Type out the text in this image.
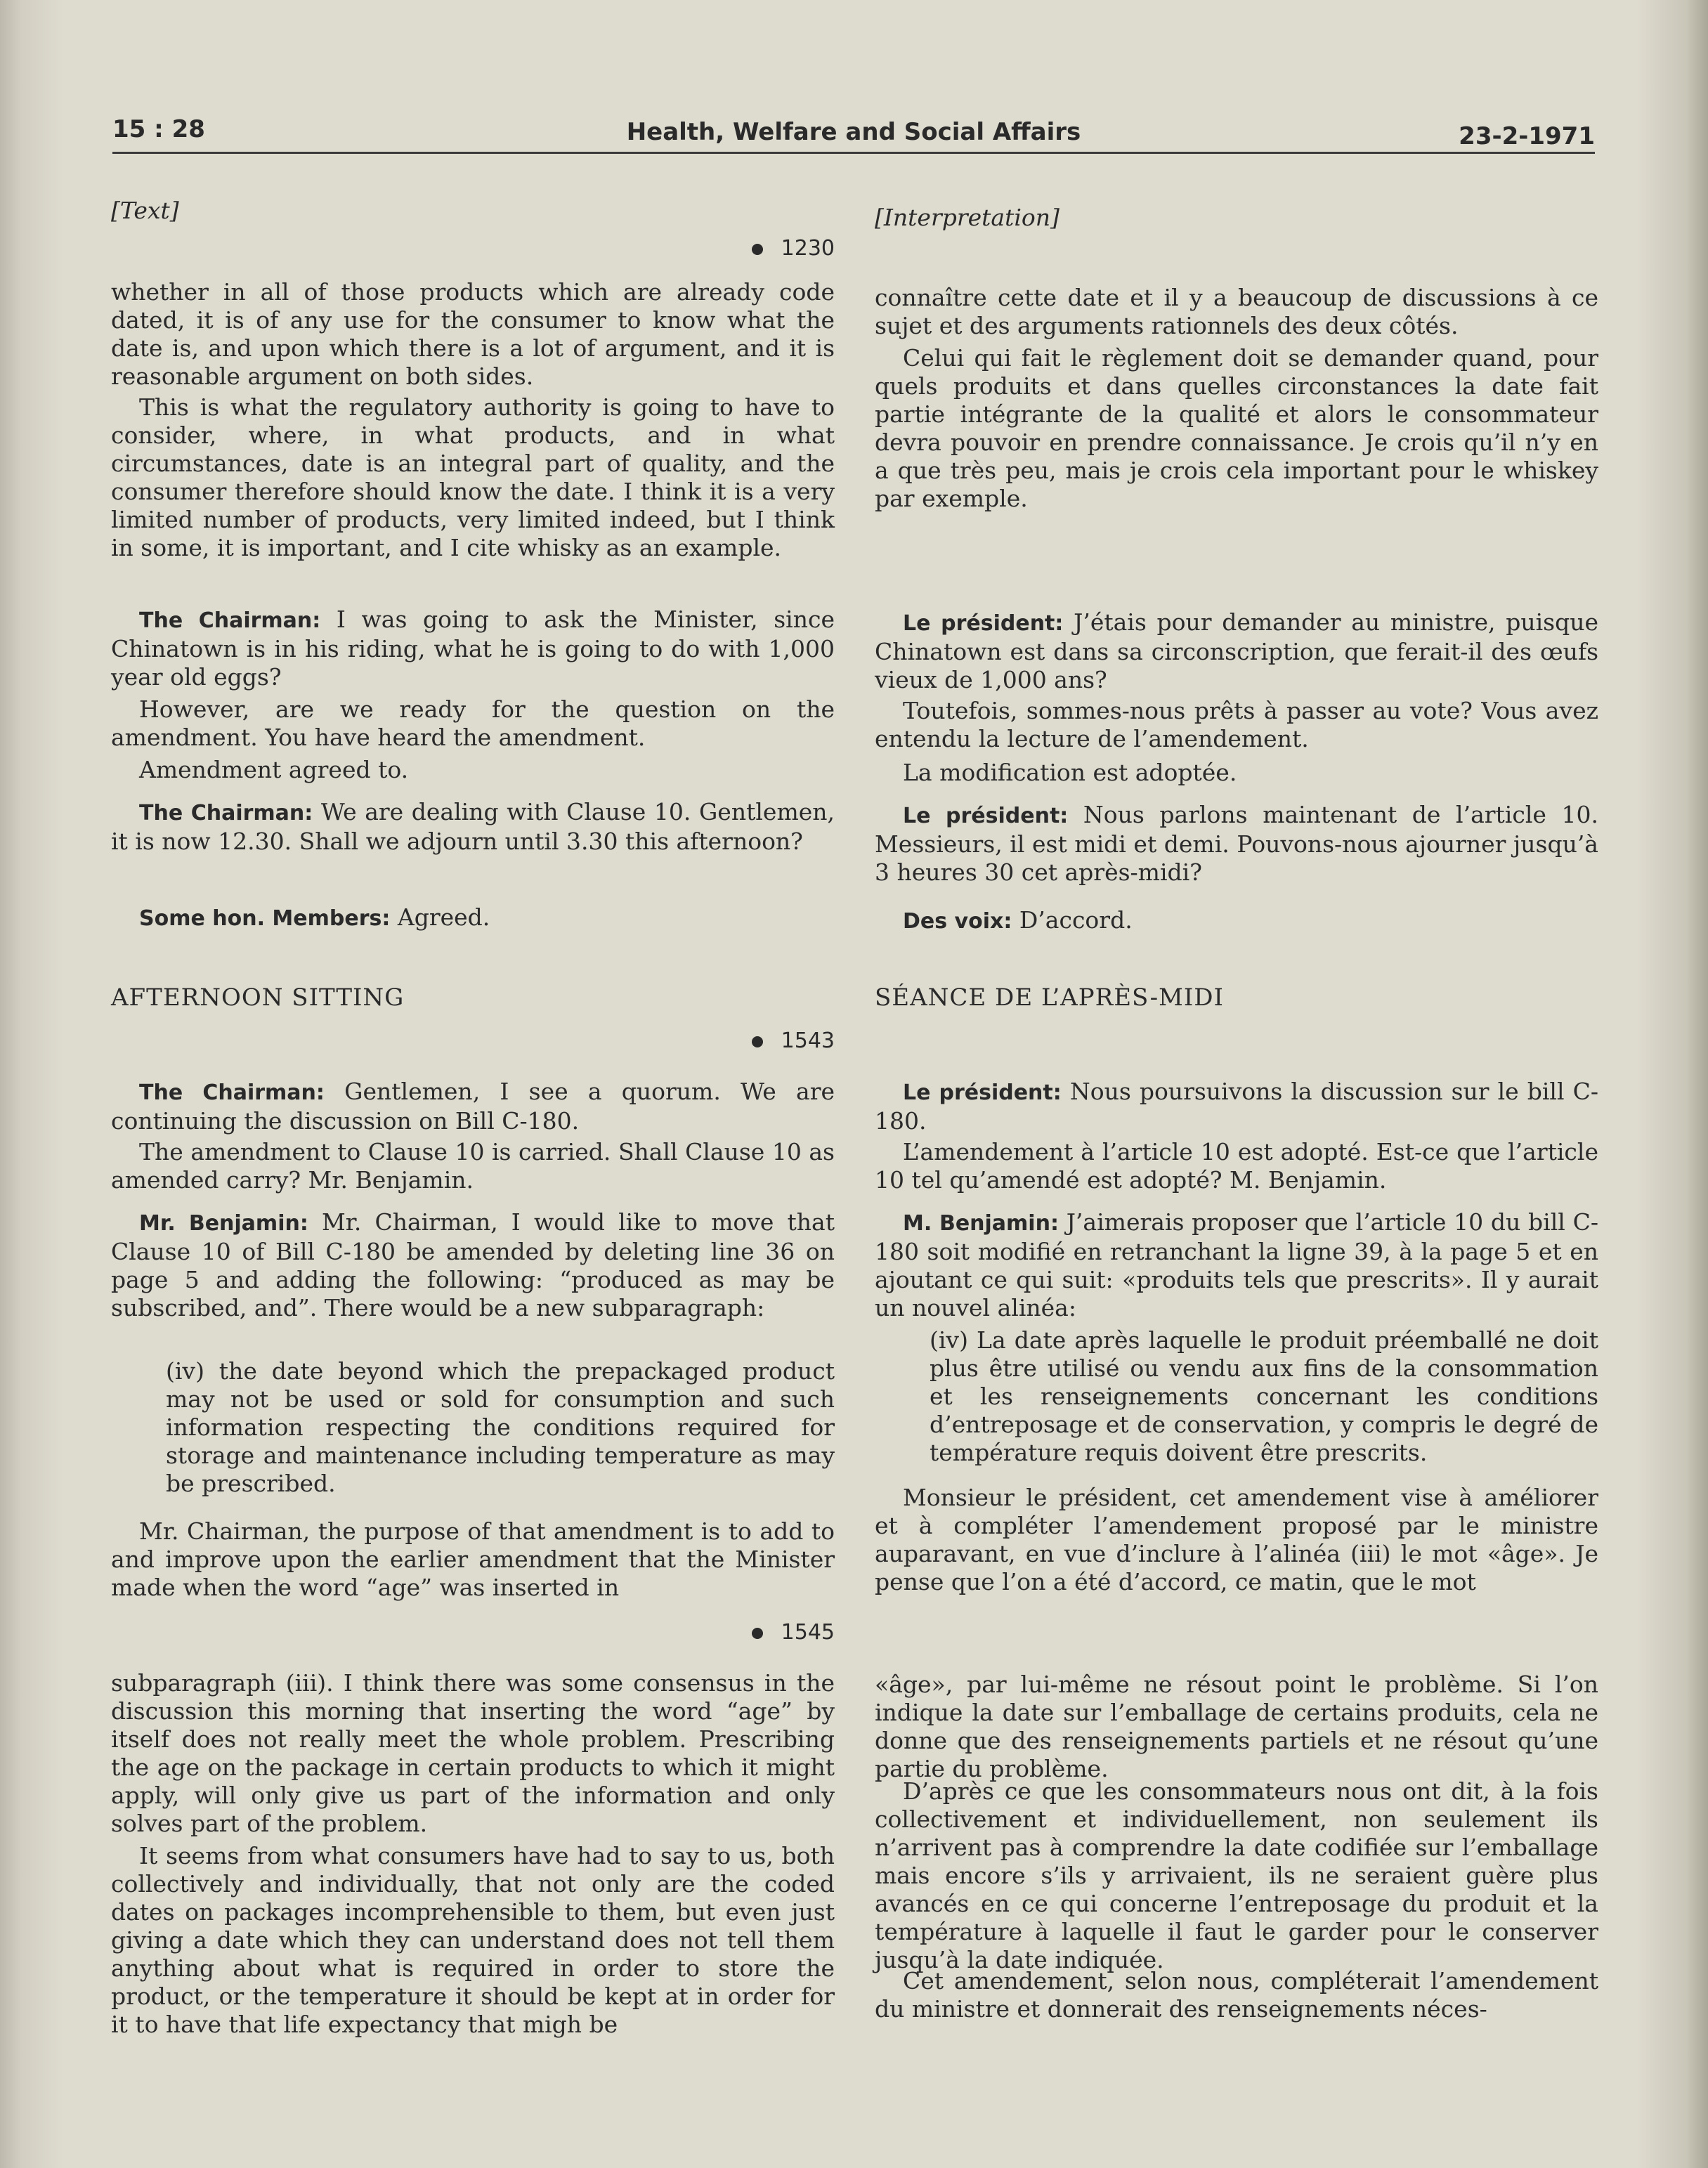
15 : 28	Health, Welfare and Social Affairs	23-2-1971

[Text]

1230

whether in all of those products which are already code dated, it is of any use for the consumer to know what the date is, and upon which there is a lot of argument, and it is reasonable argument on both sides.

This is what the regulatory authority is going to have to consider, where, in what products, and in what circumstances, date is an integral part of quality, and the consumer therefore should know the date. I think it is a very limited number of products, very limited indeed, but I think in some, it is important, and I cite whisky as an example.

The Chairman: I was going to ask the Minister, since Chinatown is in his riding, what he is going to do with 1,000 year old eggs?

However, are we ready for the question on the amendment. You have heard the amendment.

Amendment agreed to.

The Chairman: We are dealing with Clause 10. Gentlemen, it is now 12.30. Shall we adjourn until 3.30 this afternoon?

Some hon. Members: Agreed.

AFTERNOON SITTING

1543

The Chairman: Gentlemen, I see a quorum. We are continuing the discussion on Bill C-180.

The amendment to Clause 10 is carried. Shall Clause 10 as amended carry? Mr. Benjamin.

Mr. Benjamin: Mr. Chairman, I would like to move that Clause 10 of Bill C-180 be amended by deleting line 36 on page 5 and adding the following: “produced as may be subscribed, and”. There would be a new subparagraph:

(iv) the date beyond which the prepackaged product may not be used or sold for consumption and such information respecting the conditions required for storage and maintenance including temperature as may be prescribed.

Mr. Chairman, the purpose of that amendment is to add to and improve upon the earlier amendment that the Minister made when the word “age” was inserted in

1545

subparagraph (iii). I think there was some consensus in the discussion this morning that inserting the word “age” by itself does not really meet the whole problem. Prescribing the age on the package in certain products to which it might apply, will only give us part of the information and only solves part of the problem.

It seems from what consumers have had to say to us, both collectively and individually, that not only are the coded dates on packages incomprehensible to them, but even just giving a date which they can understand does not tell them anything about what is required in order to store the product, or the temperature it should be kept at in order for it to have that life expectancy that migh be

[Interpretation]

connaître cette date et il y a beaucoup de discussions à ce sujet et des arguments rationnels des deux côtés.

Celui qui fait le règlement doit se demander quand, pour quels produits et dans quelles circonstances la date fait partie intégrante de la qualité et alors le consommateur devra pouvoir en prendre connaissance. Je crois qu’il n’y en a que très peu, mais je crois cela important pour le whiskey par exemple.

Le président: J’étais pour demander au ministre, puisque Chinatown est dans sa circonscription, que ferait-il des œufs vieux de 1,000 ans?

Toutefois, sommes-nous prêts à passer au vote? Vous avez entendu la lecture de l’amendement.

La modification est adoptée.

Le président: Nous parlons maintenant de l’article 10. Messieurs, il est midi et demi. Pouvons-nous ajourner jusqu’à 3 heures 30 cet après-midi?

Des voix: D’accord.

SÉANCE DE L’APRÈS-MIDI

Le président: Nous poursuivons la discussion sur le bill C-180.

L’amendement à l’article 10 est adopté. Est-ce que l’article 10 tel qu’amendé est adopté? M. Benjamin.

M. Benjamin: J’aimerais proposer que l’article 10 du bill C-180 soit modifié en retranchant la ligne 39, à la page 5 et en ajoutant ce qui suit: «produits tels que prescrits». Il y aurait un nouvel alinéa:

(iv) La date après laquelle le produit préemballé ne doit plus être utilisé ou vendu aux fins de la consommation et les renseignements concernant les conditions d’entreposage et de conservation, y compris le degré de température requis doivent être prescrits.

Monsieur le président, cet amendement vise à améliorer et à compléter l’amendement proposé par le ministre auparavant, en vue d’inclure à l’alinéa (iii) le mot «âge». Je pense que l’on a été d’accord, ce matin, que le mot

«âge», par lui-même ne résout point le problème. Si l’on indique la date sur l’emballage de certains produits, cela ne donne que des renseignements partiels et ne résout qu’une partie du problème.

D’après ce que les consommateurs nous ont dit, à la fois collectivement et individuellement, non seulement ils n’arrivent pas à comprendre la date codifiée sur l’emballage mais encore s’ils y arrivaient, ils ne seraient guère plus avancés en ce qui concerne l’entreposage du produit et la température à laquelle il faut le garder pour le conserver jusqu’à la date indiquée.

Cet amendement, selon nous, compléterait l’amendement du ministre et donnerait des renseignements néces-
